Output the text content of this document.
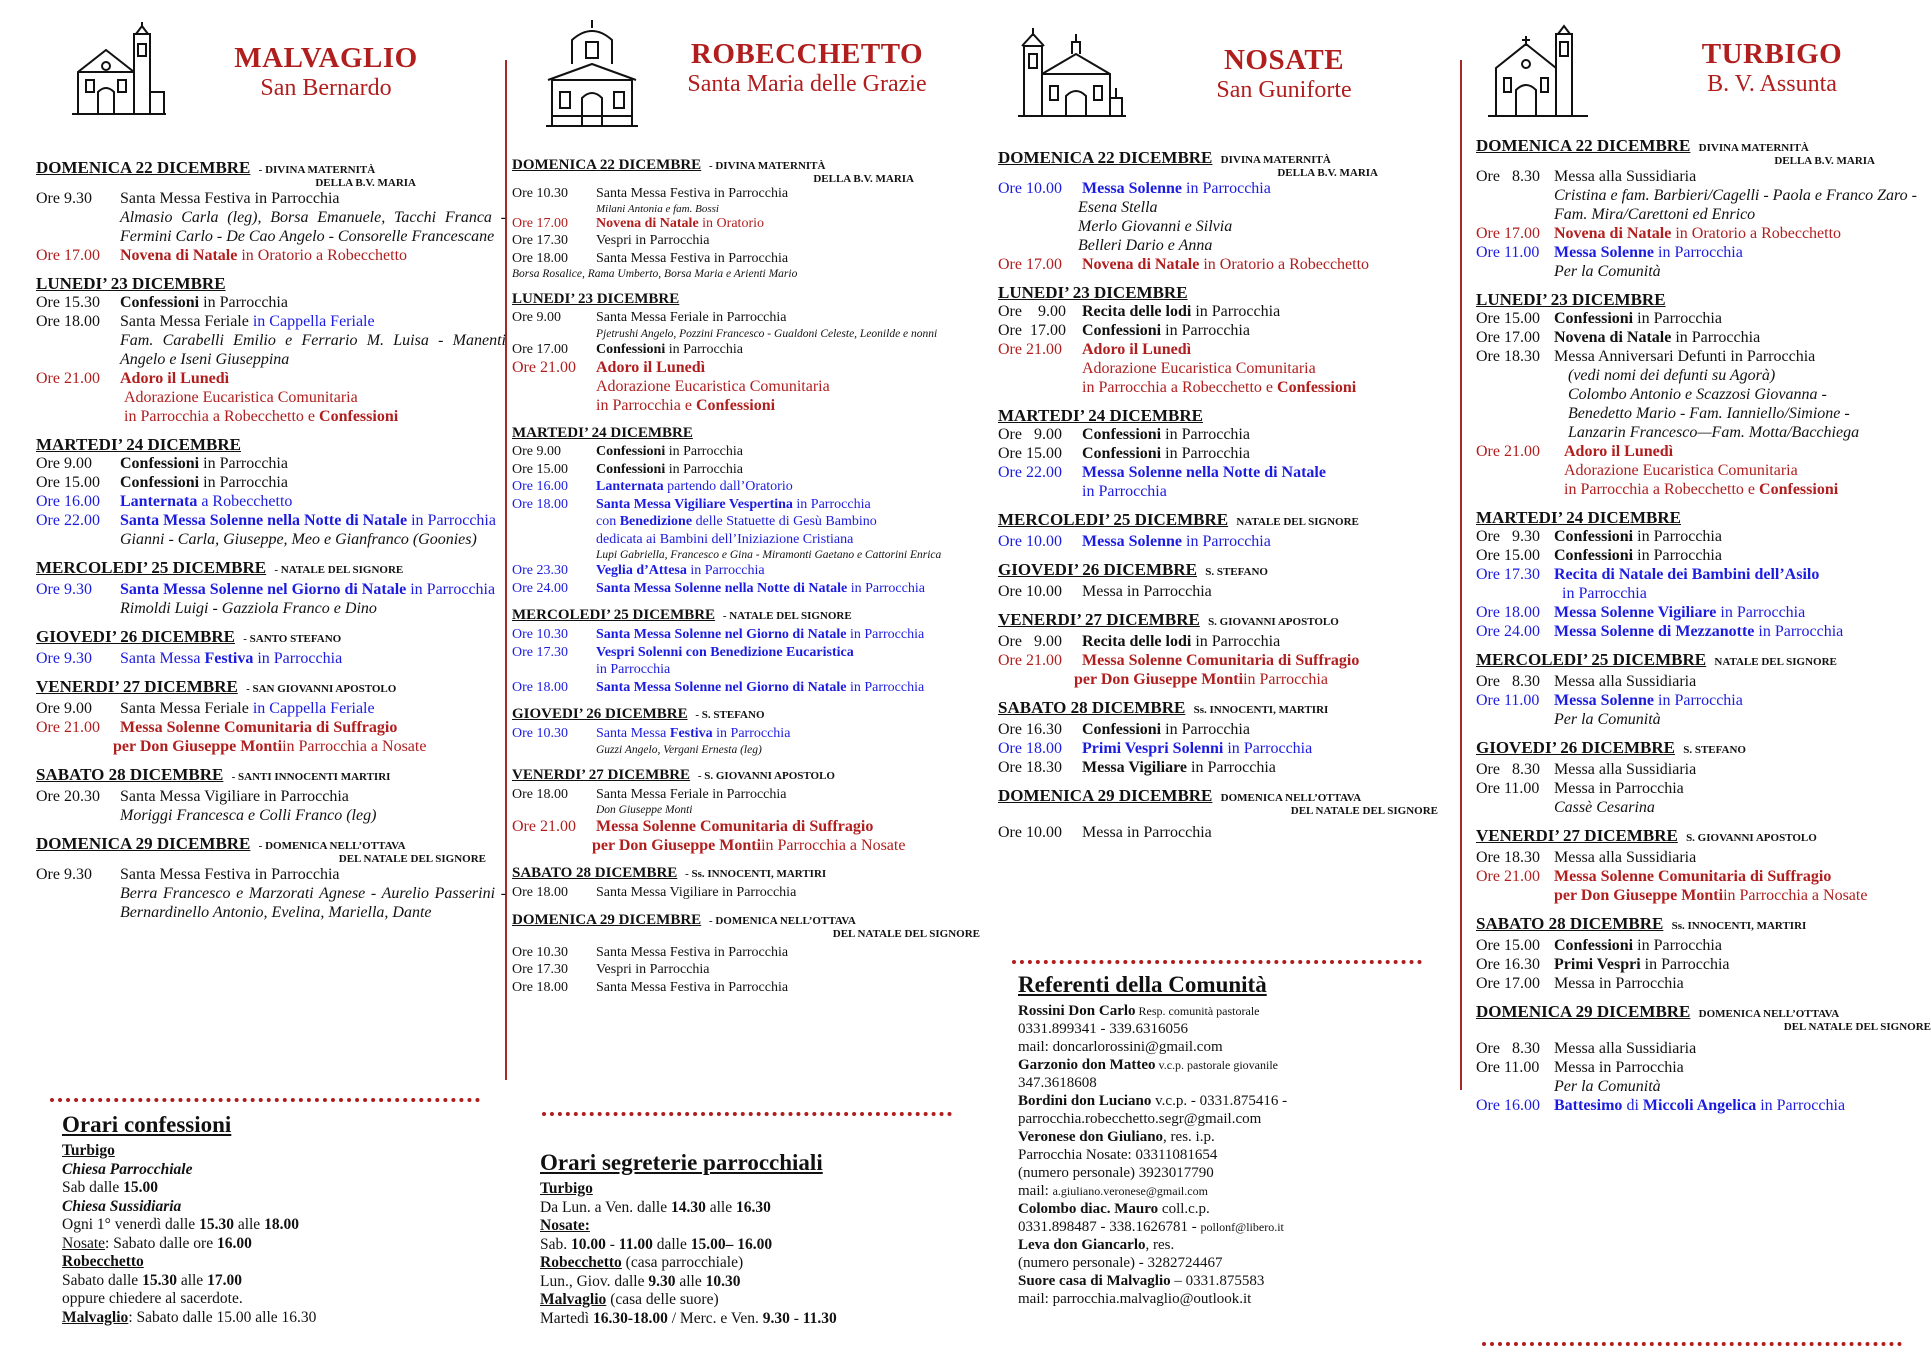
MALVAGLIO
San Bernardo
DOMENICA 22 DICEMBRE - DIVINA MATERNITÀ
DELLA B.V. MARIA
Ore 9.30	Santa Messa Festiva in Parrocchia
Almasio Carla (leg), Borsa Emanuele, Tacchi Franca - Fermini Carlo - De Cao Angelo - Consorelle Francescane
Ore 17.00	Novena di Natale in Oratorio a Robecchetto
LUNEDI’ 23 DICEMBRE
Ore 15.30	Confessioni in Parrocchia
Ore 18.00	Santa Messa Feriale in Cappella Feriale
Fam. Carabelli Emilio e Ferrario M. Luisa - Manenti Angelo e Iseni Giuseppina
Ore 21.00	Adoro il Lunedì
Adorazione Eucaristica Comunitaria
in Parrocchia a Robecchetto e Confessioni
MARTEDI’ 24 DICEMBRE
Ore 9.00	Confessioni in Parrocchia
Ore 15.00	Confessioni in Parrocchia
Ore 16.00	Lanternata a Robecchetto
Ore 22.00	Santa Messa Solenne nella Notte di Natale in Parrocchia
Gianni - Carla, Giuseppe, Meo e Gianfranco (Goonies)
MERCOLEDI’ 25 DICEMBRE - NATALE DEL SIGNORE
Ore 9.30	Santa Messa Solenne nel Giorno di Natale in Parrocchia
Rimoldi Luigi - Gazziola Franco e Dino
GIOVEDI’ 26 DICEMBRE - SANTO STEFANO
Ore 9.30	Santa Messa Festiva in Parrocchia
VENERDI’ 27 DICEMBRE - SAN GIOVANNI APOSTOLO
Ore 9.00	Santa Messa Feriale in Cappella Feriale
Ore 21.00	Messa Solenne Comunitaria di Suffragio
per Don Giuseppe Monti in Parrocchia a Nosate
SABATO 28 DICEMBRE - SANTI INNOCENTI MARTIRI
Ore 20.30	Santa Messa Vigiliare in Parrocchia
Moriggi Francesca e Colli Franco (leg)
DOMENICA 29 DICEMBRE - DOMENICA NELL’OTTAVA
DEL NATALE DEL SIGNORE
Ore 9.30	Santa Messa Festiva in Parrocchia
Berra Francesco e Marzorati Agnese - Aurelio Passerini - Bernardinello Antonio, Evelina, Mariella, Dante
Orari confessioni
Turbigo
Chiesa Parrocchiale
Sab dalle 15.00
Chiesa Sussidiaria
Ogni 1° venerdì dalle 15.30 alle 18.00
Nosate: Sabato dalle ore 16.00
Robecchetto
Sabato dalle 15.30 alle 17.00
oppure chiedere al sacerdote.
Malvaglio: Sabato dalle 15.00 alle 16.30
ROBECCHETTO
Santa Maria delle Grazie
DOMENICA 22 DICEMBRE - DIVINA MATERNITÀ
DELLA B.V. MARIA
Ore 10.30	Santa Messa Festiva in Parrocchia
Milani Antonia e fam. Bossi
Ore 17.00	Novena di Natale in Oratorio
Ore 17.30	Vespri in Parrocchia
Ore 18.00	Santa Messa Festiva in Parrocchia
Borsa Rosalice, Rama Umberto, Borsa Maria e Arienti Mario
LUNEDI’ 23 DICEMBRE
Ore 9.00	Santa Messa Feriale in Parrocchia
Pjetrushi Angelo, Pozzini Francesco - Gualdoni Celeste, Leonilde e nonni
Ore 17.00	Confessioni in Parrocchia
Ore 21.00	Adoro il Lunedì
Adorazione Eucaristica Comunitaria
in Parrocchia e Confessioni
MARTEDI’ 24 DICEMBRE
Ore 9.00	Confessioni in Parrocchia
Ore 15.00	Confessioni in Parrocchia
Ore 16.00	Lanternata partendo dall’Oratorio
Ore 18.00	Santa Messa Vigiliare Vespertina in Parrocchia
con Benedizione delle Statuette di Gesù Bambino
dedicata ai Bambini dell’Iniziazione Cristiana
Lupi Gabriella, Francesco e Gina - Miramonti Gaetano e Cattorini Enrica
Ore 23.30	Veglia d’Attesa in Parrocchia
Ore 24.00	Santa Messa Solenne nella Notte di Natale in Parrocchia
MERCOLEDI’ 25 DICEMBRE - NATALE DEL SIGNORE
Ore 10.30	Santa Messa Solenne nel Giorno di Natale in Parrocchia
Ore 17.30	Vespri Solenni con Benedizione Eucaristica
in Parrocchia
Ore 18.00	Santa Messa Solenne nel Giorno di Natale in Parrocchia
GIOVEDI’ 26 DICEMBRE - S. STEFANO
Ore 10.30	Santa Messa Festiva in Parrocchia
Guzzi Angelo, Vergani Ernesta (leg)
VENERDI’ 27 DICEMBRE - S. GIOVANNI APOSTOLO
Ore 18.00	Santa Messa Feriale in Parrocchia
Don Giuseppe Monti
Ore 21.00	Messa Solenne Comunitaria di Suffragio
per Don Giuseppe Monti in Parrocchia a Nosate
SABATO 28 DICEMBRE - Ss. INNOCENTI, MARTIRI
Ore 18.00	Santa Messa Vigiliare in Parrocchia
DOMENICA 29 DICEMBRE - DOMENICA NELL’OTTAVA
DEL NATALE DEL SIGNORE
Ore 10.30	Santa Messa Festiva in Parrocchia
Ore 17.30	Vespri in Parrocchia
Ore 18.00	Santa Messa Festiva in Parrocchia
Orari segreterie parrocchiali
Turbigo
Da Lun. a Ven. dalle 14.30 alle 16.30
Nosate:
Sab. 10.00 - 11.00 dalle 15.00– 16.00
Robecchetto (casa parrocchiale)
Lun., Giov. dalle 9.30 alle 10.30
Malvaglio (casa delle suore)
Martedì 16.30-18.00 / Merc. e Ven. 9.30 - 11.30
NOSATE
San Guniforte
DOMENICA 22 DICEMBRE DIVINA MATERNITÀ
DELLA B.V. MARIA
Ore 10.00	Messa Solenne in Parrocchia
Esena Stella
Merlo Giovanni e Silvia
Belleri Dario e Anna
Ore 17.00	Novena di Natale in Oratorio a Robecchetto
LUNEDI’ 23 DICEMBRE
Ore    9.00	Recita delle lodi in Parrocchia
Ore  17.00	Confessioni in Parrocchia
Ore 21.00	Adoro il Lunedì
Adorazione Eucaristica Comunitaria
in Parrocchia a Robecchetto e Confessioni
MARTEDI’ 24 DICEMBRE
Ore   9.00	Confessioni in Parrocchia
Ore 15.00	Confessioni in Parrocchia
Ore 22.00	Messa Solenne nella Notte di Natale
in Parrocchia
MERCOLEDI’ 25 DICEMBRE NATALE DEL SIGNORE
Ore 10.00	Messa Solenne in Parrocchia
GIOVEDI’ 26 DICEMBRE S. STEFANO
Ore 10.00	Messa in Parrocchia
VENERDI’ 27 DICEMBRE S. GIOVANNI APOSTOLO
Ore   9.00	Recita delle lodi in Parrocchia
Ore 21.00	Messa Solenne Comunitaria di Suffragio
per Don Giuseppe Monti in Parrocchia
SABATO 28 DICEMBRE Ss. INNOCENTI, MARTIRI
Ore 16.30	Confessioni in Parrocchia
Ore 18.00	Primi Vespri Solenni in Parrocchia
Ore 18.30	Messa Vigiliare in Parrocchia
DOMENICA 29 DICEMBRE DOMENICA NELL’OTTAVA
DEL NATALE DEL SIGNORE
Ore 10.00	Messa in Parrocchia
Referenti della Comunità
Rossini Don Carlo Resp. comunità pastorale
0331.899341 - 339.6316056
mail: doncarlorossini@gmail.com
Garzonio don Matteo v.c.p. pastorale giovanile
347.3618608
Bordini don Luciano v.c.p. - 0331.875416 -
parrocchia.robecchetto.segr@gmail.com
Veronese don Giuliano, res. i.p.
Parrocchia Nosate: 03311081654
(numero personale) 3923017790
mail: a.giuliano.veronese@gmail.com
Colombo diac. Mauro coll.c.p.
0331.898487 - 338.1626781 - pollonf@libero.it
Leva don Giancarlo, res.
(numero personale) - 3282724467
Suore casa di Malvaglio – 0331.875583
mail: parrocchia.malvaglio@outlook.it
TURBIGO
B. V. Assunta
DOMENICA 22 DICEMBRE DIVINA MATERNITÀ
DELLA B.V. MARIA
Ore   8.30 Messa alla Sussidiaria
Cristina e fam. Barbieri/Cagelli - Paola e Franco Zaro - Fam. Mira/Carettoni ed Enrico
Ore 17.00 Novena di Natale in Oratorio a Robecchetto
Ore 11.00 Messa Solenne in Parrocchia
Per la Comunità
LUNEDI’ 23 DICEMBRE
Ore 15.00 Confessioni in Parrocchia
Ore 17.00 Novena di Natale in Parrocchia
Ore 18.30 Messa Anniversari Defunti in Parrocchia
(vedi nomi dei defunti su Agorà)
Colombo Antonio e Scazzosi Giovanna -
Benedetto Mario - Fam. Ianniello/Simione -
Lanzarin Francesco—Fam. Motta/Bacchiega
Ore 21.00	Adoro il Lunedì
Adorazione Eucaristica Comunitaria
in Parrocchia a Robecchetto e Confessioni
MARTEDI’ 24 DICEMBRE
Ore   9.30 Confessioni in Parrocchia
Ore 15.00 Confessioni in Parrocchia
Ore 17.30 Recita di Natale dei Bambini dell’Asilo
in Parrocchia
Ore 18.00 Messa Solenne Vigiliare in Parrocchia
Ore 24.00 Messa Solenne di Mezzanotte in Parrocchia
MERCOLEDI’ 25 DICEMBRE NATALE DEL SIGNORE
Ore   8.30 Messa alla Sussidiaria
Ore 11.00 Messa Solenne in Parrocchia
Per la Comunità
GIOVEDI’ 26 DICEMBRE S. STEFANO
Ore   8.30 Messa alla Sussidiaria
Ore 11.00 Messa in Parrocchia
Cassè Cesarina
VENERDI’ 27 DICEMBRE S. GIOVANNI APOSTOLO
Ore 18.30 Messa alla Sussidiaria
Ore 21.00 Messa Solenne Comunitaria di Suffragio
per Don Giuseppe Monti in Parrocchia a Nosate
SABATO 28 DICEMBRE Ss. INNOCENTI, MARTIRI
Ore 15.00 Confessioni in Parrocchia
Ore 16.30 Primi Vespri in Parrocchia
Ore 17.00 Messa in Parrocchia
DOMENICA 29 DICEMBRE DOMENICA NELL’OTTAVA
DEL NATALE DEL SIGNORE
Ore   8.30 Messa alla Sussidiaria
Ore 11.00 Messa in Parrocchia
Per la Comunità
Ore 16.00 Battesimo di Miccoli Angelica in Parrocchia
